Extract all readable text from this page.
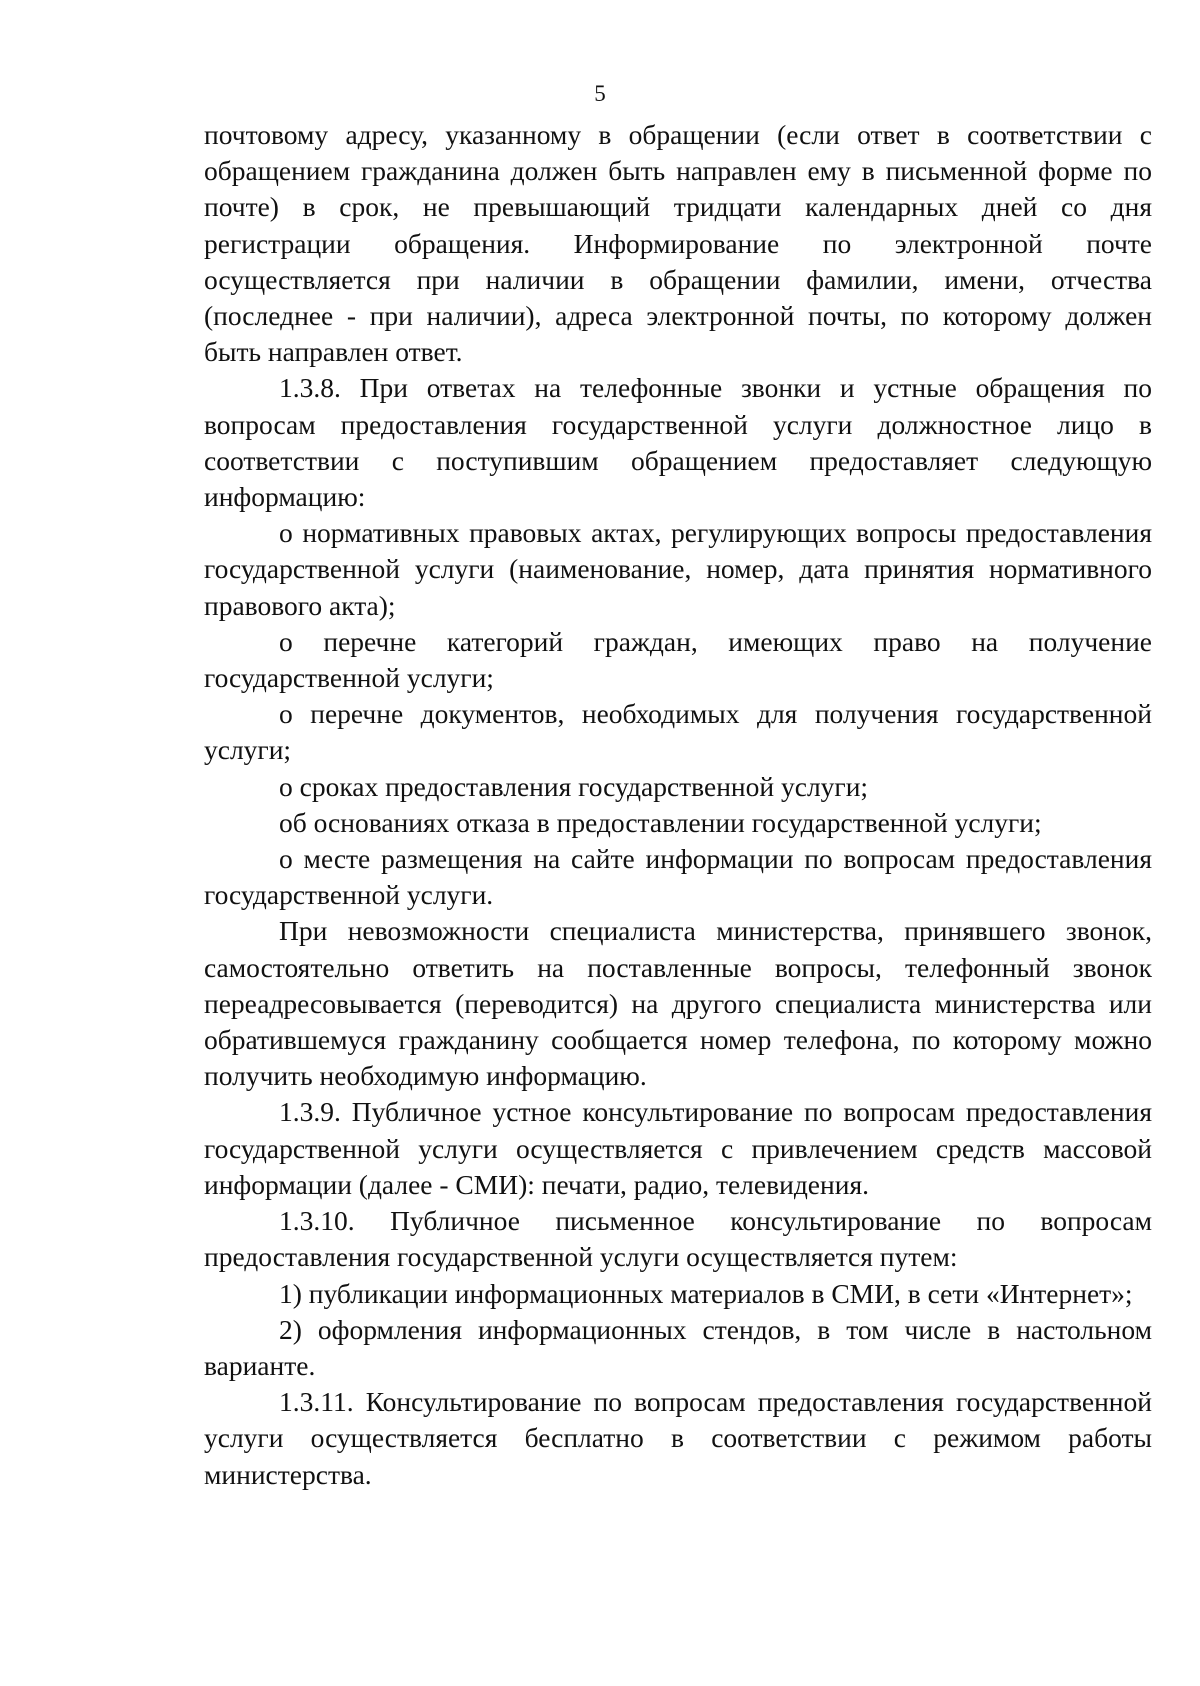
5

почтовому адресу, указанному в обращении (если ответ в соответствии с обращением гражданина должен быть направлен ему в письменной форме по почте) в срок, не превышающий тридцати календарных дней со дня регистрации обращения. Информирование по электронной почте осуществляется при наличии в обращении фамилии, имени, отчества (последнее - при наличии), адреса электронной почты, по которому должен быть направлен ответ.

1.3.8. При ответах на телефонные звонки и устные обращения по вопросам предоставления государственной услуги должностное лицо в соответствии с поступившим обращением предоставляет следующую информацию:

о нормативных правовых актах, регулирующих вопросы предоставления государственной услуги (наименование, номер, дата принятия нормативного правового акта);

о перечне категорий граждан, имеющих право на получение государственной услуги;

о перечне документов, необходимых для получения государственной услуги;

о сроках предоставления государственной услуги;

об основаниях отказа в предоставлении государственной услуги;

о месте размещения на сайте информации по вопросам предоставления государственной услуги.

При невозможности специалиста министерства, принявшего звонок, самостоятельно ответить на поставленные вопросы, телефонный звонок переадресовывается (переводится) на другого специалиста министерства или обратившемуся гражданину сообщается номер телефона, по которому можно получить необходимую информацию.

1.3.9. Публичное устное консультирование по вопросам предоставления государственной услуги осуществляется с привлечением средств массовой информации (далее - СМИ): печати, радио, телевидения.

1.3.10. Публичное письменное консультирование по вопросам предоставления государственной услуги осуществляется путем:

1) публикации информационных материалов в СМИ, в сети «Интернет»;

2) оформления информационных стендов, в том числе в настольном варианте.

1.3.11. Консультирование по вопросам предоставления государственной услуги осуществляется бесплатно в соответствии с режимом работы министерства.
